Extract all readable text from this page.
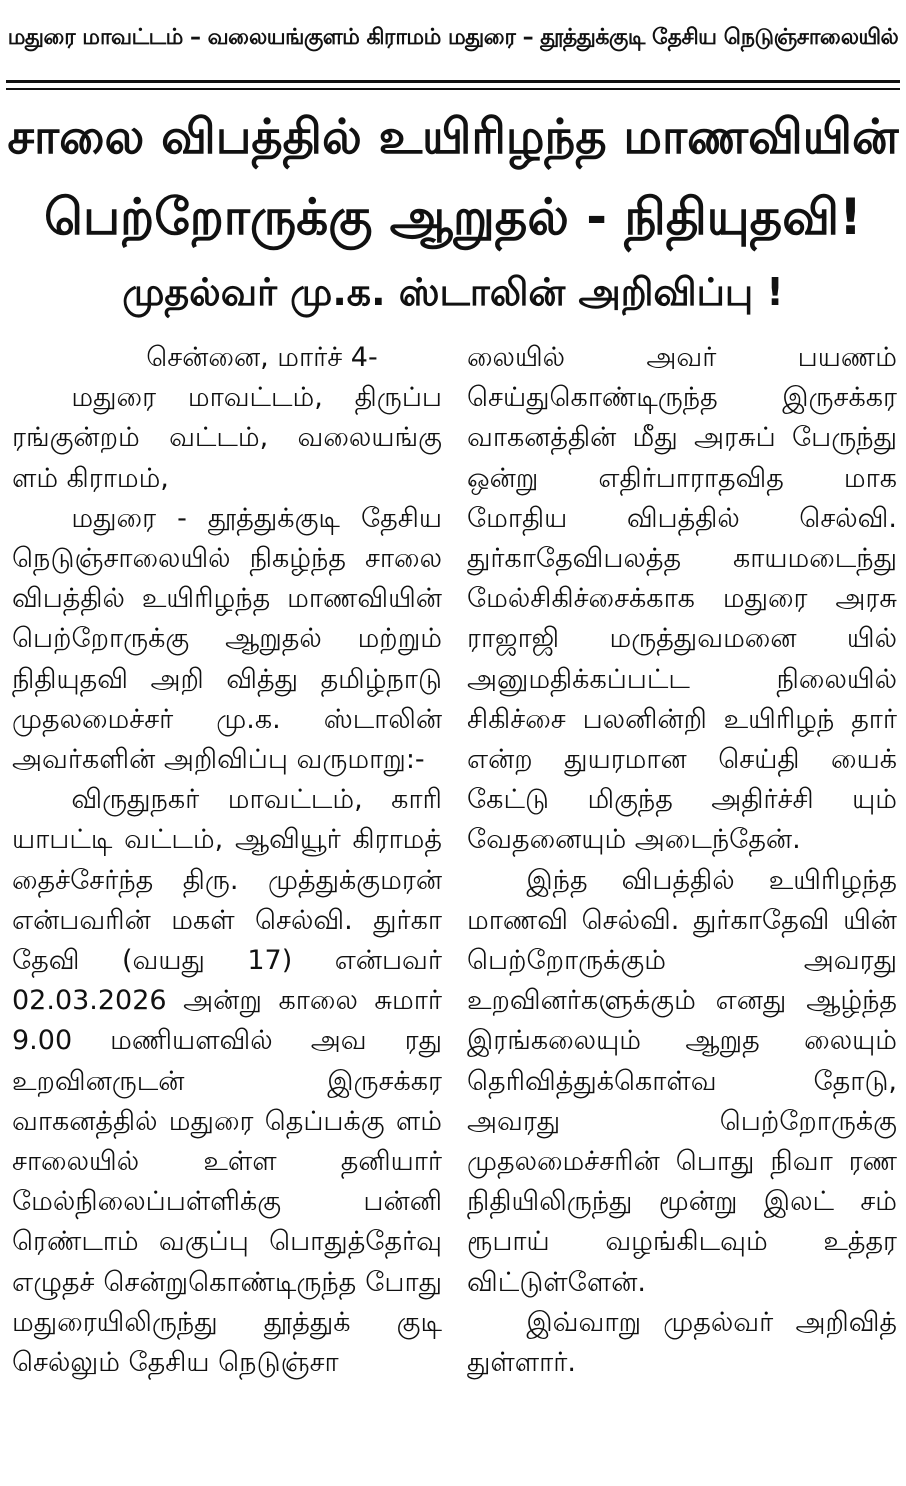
மதுரை மாவட்டம் – வலையங்குளம் கிராமம் மதுரை – தூத்துக்குடி தேசிய நெடுஞ்சாலையில்
சாலை விபத்தில் உயிரிழந்த மாணவியின்
பெற்றோருக்கு ஆறுதல் - நிதியுதவி!
முதல்வர் மு.க. ஸ்டாலின் அறிவிப்பு !

சென்னை, மார்ச் 4-

மதுரை மாவட்டம், திருப்ப ரங்குன்றம் வட்டம், வலையங்கு ளம் கிராமம்,

மதுரை - தூத்துக்குடி தேசிய நெடுஞ்சாலையில் நிகழ்ந்த சாலை விபத்தில் உயிரிழந்த மாணவியின் பெற்றோருக்கு ஆறுதல் மற்றும் நிதியுதவி அறி வித்து தமிழ்நாடு முதலமைச்சர் மு.க. ஸ்டாலின் அவர்களின் அறிவிப்பு வருமாறு:-

விருதுநகர் மாவட்டம், காரி யாபட்டி வட்டம், ஆவியூர் கிராமத் தைச்சேர்ந்த திரு. முத்துக்குமரன் என்பவரின் மகள் செல்வி. துர்கா தேவி (வயது 17) என்பவர் 02.03.2026 அன்று காலை சுமார் 9.00 மணியளவில் அவ ரது உறவினருடன் இருசக்கர வாகனத்தில் மதுரை தெப்பக்கு ளம் சாலையில் உள்ள தனியார் மேல்நிலைப்பள்ளிக்கு பன்னி ரெண்டாம் வகுப்பு பொதுத்தேர்வு எழுதச் சென்றுகொண்டிருந்த போது மதுரையிலிருந்து தூத்துக் குடி செல்லும் தேசிய நெடுஞ்சா

லையில் அவர் பயணம் செய்துகொண்டிருந்த இருசக்கர வாகனத்தின் மீது அரசுப் பேருந்து ஒன்று எதிர்பாராதவித மாக மோதிய விபத்தில் செல்வி. துர்காதேவிபலத்த காயமடைந்து மேல்சிகிச்சைக்காக மதுரை அரசு ராஜாஜி மருத்துவமனை யில் அனுமதிக்கப்பட்ட நிலையில் சிகிச்சை பலனின்றி உயிரிழந் தார் என்ற துயரமான செய்தி யைக் கேட்டு மிகுந்த அதிர்ச்சி யும் வேதனையும் அடைந்தேன்.

இந்த விபத்தில் உயிரிழந்த மாணவி செல்வி. துர்காதேவி யின் பெற்றோருக்கும் அவரது உறவினர்களுக்கும் எனது ஆழ்ந்த இரங்கலையும் ஆறுத லையும் தெரிவித்துக்கொள்வ தோடு, அவரது பெற்றோருக்கு முதலமைச்சரின் பொது நிவா ரண நிதியிலிருந்து மூன்று இலட் சம் ரூபாய் வழங்கிடவும் உத்தர விட்டுள்ளேன்.

இவ்வாறு முதல்வர் அறிவித் துள்ளார்.
